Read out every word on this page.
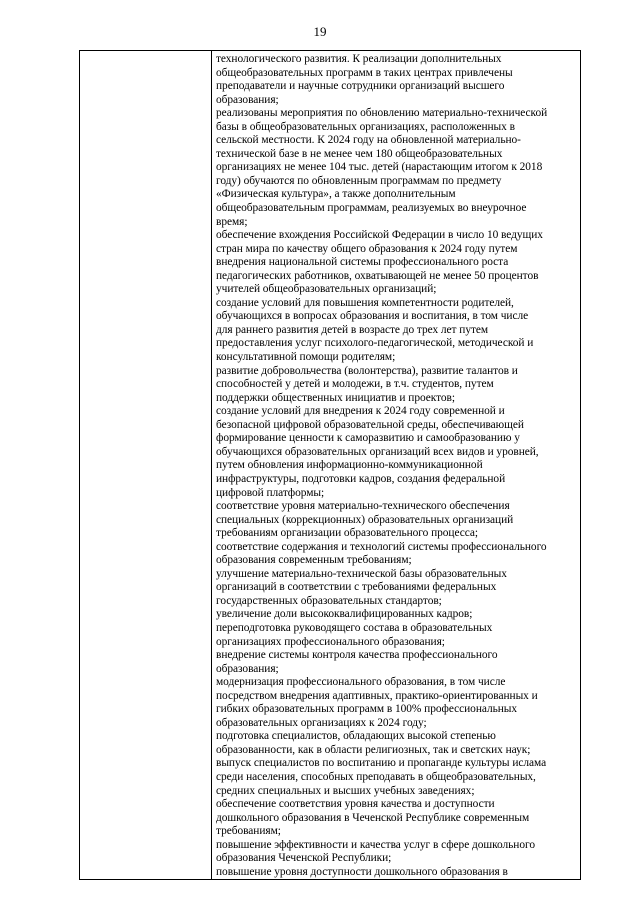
19

технологического развития. К реализации дополнительных
общеобразовательных программ в таких центрах привлечены
преподаватели и научные сотрудники организаций высшего
образования;
реализованы мероприятия по обновлению материально-технической
базы в общеобразовательных организациях, расположенных в
сельской местности. К 2024 году на обновленной материально-
технической базе в не менее чем 180 общеобразовательных
организациях не менее 104 тыс. детей (нарастающим итогом к 2018
году) обучаются по обновленным программам по предмету
«Физическая культура», а также дополнительным
общеобразовательным программам, реализуемых во внеурочное
время;
обеспечение вхождения Российской Федерации в число 10 ведущих
стран мира по качеству общего образования к 2024 году путем
внедрения национальной системы профессионального роста
педагогических работников, охватывающей не менее 50 процентов
учителей общеобразовательных организаций;
создание условий для повышения компетентности родителей,
обучающихся в вопросах образования и воспитания, в том числе
для раннего развития детей в возрасте до трех лет путем
предоставления услуг психолого-педагогической, методической и
консультативной помощи родителям;
развитие добровольчества (волонтерства), развитие талантов и
способностей у детей и молодежи, в т.ч. студентов, путем
поддержки общественных инициатив и проектов;
создание условий для внедрения к 2024 году современной и
безопасной цифровой образовательной среды, обеспечивающей
формирование ценности к саморазвитию и самообразованию у
обучающихся образовательных организаций всех видов и уровней,
путем обновления информационно-коммуникационной
инфраструктуры, подготовки кадров, создания федеральной
цифровой платформы;
соответствие уровня материально-технического обеспечения
специальных (коррекционных) образовательных организаций
требованиям организации образовательного процесса;
соответствие содержания и технологий системы профессионального
образования современным требованиям;
улучшение материально-технической базы образовательных
организаций в соответствии с требованиями федеральных
государственных образовательных стандартов;
увеличение доли высококвалифицированных кадров;
переподготовка руководящего состава в образовательных
организациях профессионального образования;
внедрение системы контроля качества профессионального
образования;
модернизация профессионального образования, в том числе
посредством внедрения адаптивных, практико-ориентированных и
гибких образовательных программ в 100% профессиональных
образовательных организациях к 2024 году;
подготовка специалистов, обладающих высокой степенью
образованности, как в области религиозных, так и светских наук;
выпуск специалистов по воспитанию и пропаганде культуры ислама
среди населения, способных преподавать в общеобразовательных,
средних специальных и высших учебных заведениях;
обеспечение соответствия уровня качества и доступности
дошкольного образования в Чеченской Республике современным
требованиям;
повышение эффективности и качества услуг в сфере дошкольного
образования Чеченской Республики;
повышение уровня доступности дошкольного образования в
